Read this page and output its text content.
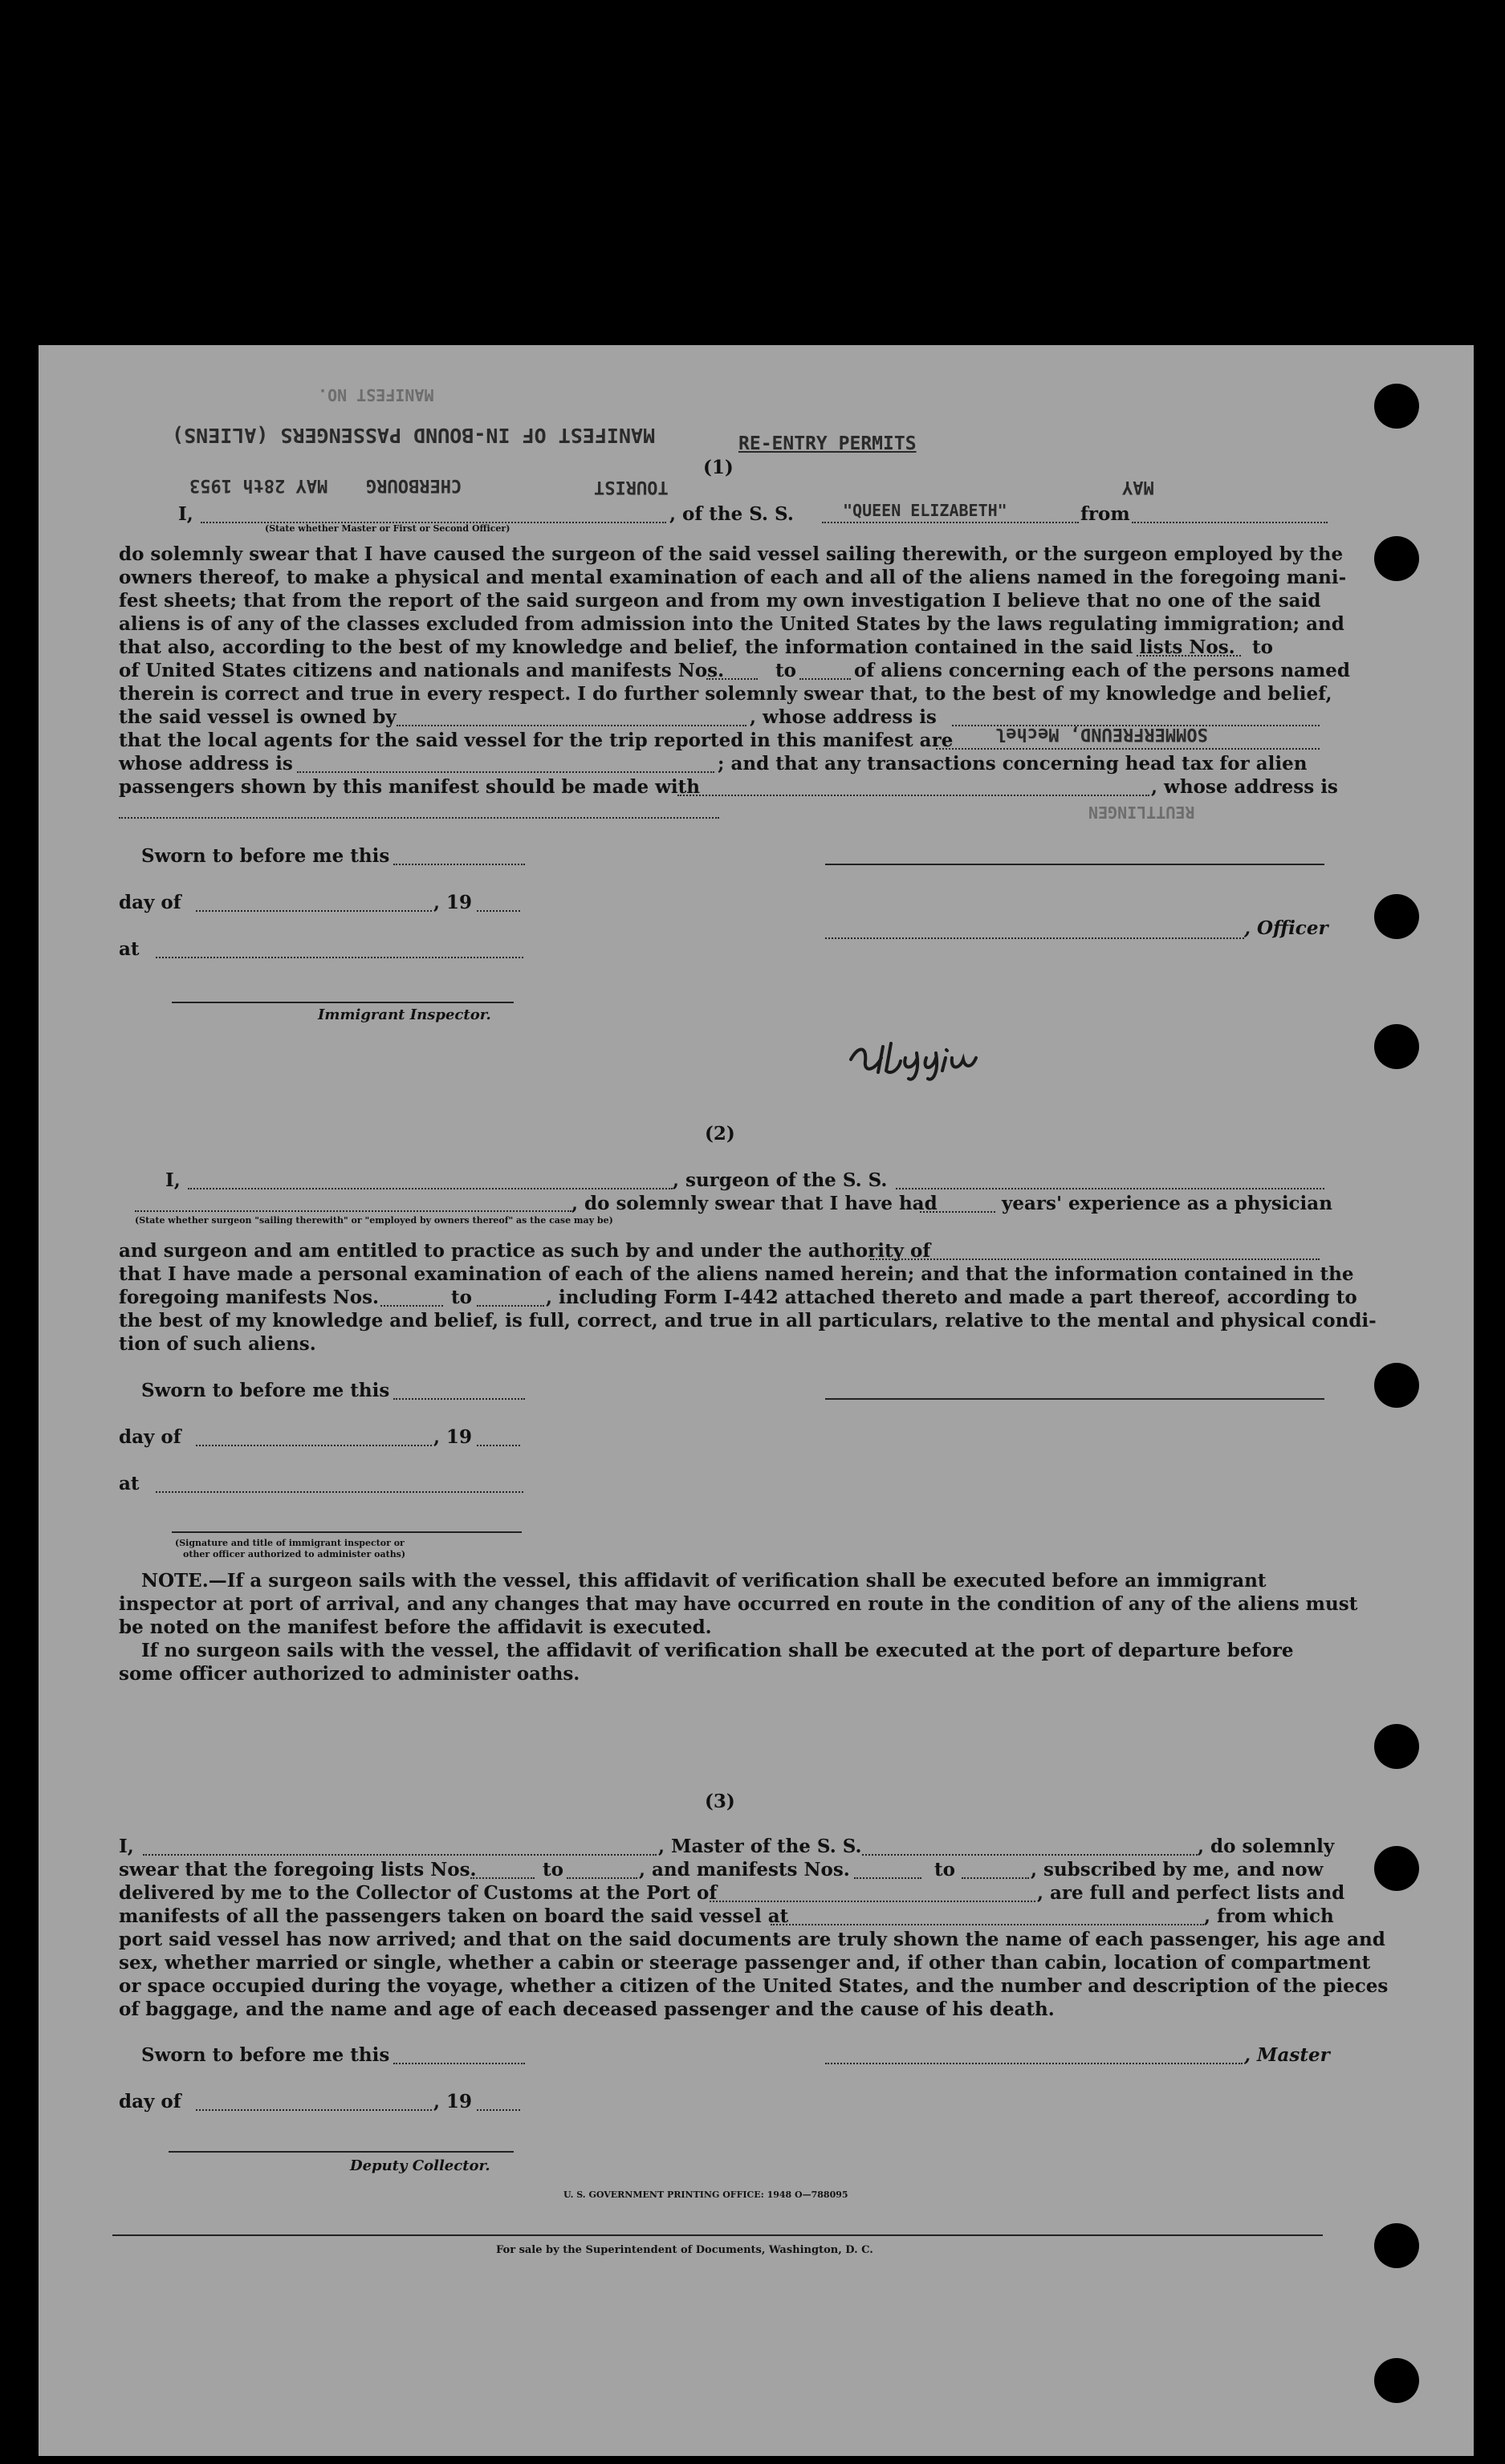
MANIFEST NO.
MANIFEST OF IN-BOUND PASSENGERS (ALIENS)	RE-ENTRY PERMITS
MAY 28th 1953 CHERBOURG	TOURIST	MAY
(1)
I,	, of the S. S.	"QUEEN ELIZABETH"	from
(State whether Master or First or Second Officer)
do solemnly swear that I have caused the surgeon of the said vessel sailing therewith, or the surgeon employed by the
owners thereof, to make a physical and mental examination of each and all of the aliens named in the foregoing mani-
fest sheets; that from the report of the said surgeon and from my own investigation I believe that no one of the said
aliens is of any of the classes excluded from admission into the United States by the laws regulating immigration; and
that also, according to the best of my knowledge and belief, the information contained in the said lists Nos. to
of United States citizens and nationals and manifests Nos.	to	of aliens concerning each of the persons named
therein is correct and true in every respect. I do further solemnly swear that, to the best of my knowledge and belief,
the said vessel is owned by	, whose address is
that the local agents for the said vessel for the trip reported in this manifest are SOMMERFREUND, Mechel
whose address is	; and that any transactions concerning head tax for alien
passengers shown by this manifest should be made with	, whose address is
REUTTLINGEN
Sworn to before me this
day of	, 19
, Officer
at
Immigrant Inspector.
(2)
I,	, surgeon of the S. S.
, do solemnly swear that I have had	years' experience as a physician
(State whether surgeon "sailing therewith" or "employed by owners thereof" as the case may be)
and surgeon and am entitled to practice as such by and under the authority of
that I have made a personal examination of each of the aliens named herein; and that the information contained in the
foregoing manifests Nos.	to	, including Form I-442 attached thereto and made a part thereof, according to
the best of my knowledge and belief, is full, correct, and true in all particulars, relative to the mental and physical condi-
tion of such aliens.
Sworn to before me this
day of	, 19
at
(Signature and title of immigrant inspector or
other officer authorized to administer oaths)
NOTE.—If a surgeon sails with the vessel, this affidavit of verification shall be executed before an immigrant
inspector at port of arrival, and any changes that may have occurred en route in the condition of any of the aliens must
be noted on the manifest before the affidavit is executed.
If no surgeon sails with the vessel, the affidavit of verification shall be executed at the port of departure before
some officer authorized to administer oaths.
(3)
I,	, Master of the S. S.	, do solemnly
swear that the foregoing lists Nos.	to	, and manifests Nos.	to	, subscribed by me, and now
delivered by me to the Collector of Customs at the Port of	, are full and perfect lists and
manifests of all the passengers taken on board the said vessel at	, from which
port said vessel has now arrived; and that on the said documents are truly shown the name of each passenger, his age and
sex, whether married or single, whether a cabin or steerage passenger and, if other than cabin, location of compartment
or space occupied during the voyage, whether a citizen of the United States, and the number and description of the pieces
of baggage, and the name and age of each deceased passenger and the cause of his death.
Sworn to before me this	, Master
day of	, 19
Deputy Collector.
U. S. GOVERNMENT PRINTING OFFICE: 1948 O—788095
For sale by the Superintendent of Documents, Washington, D. C.
